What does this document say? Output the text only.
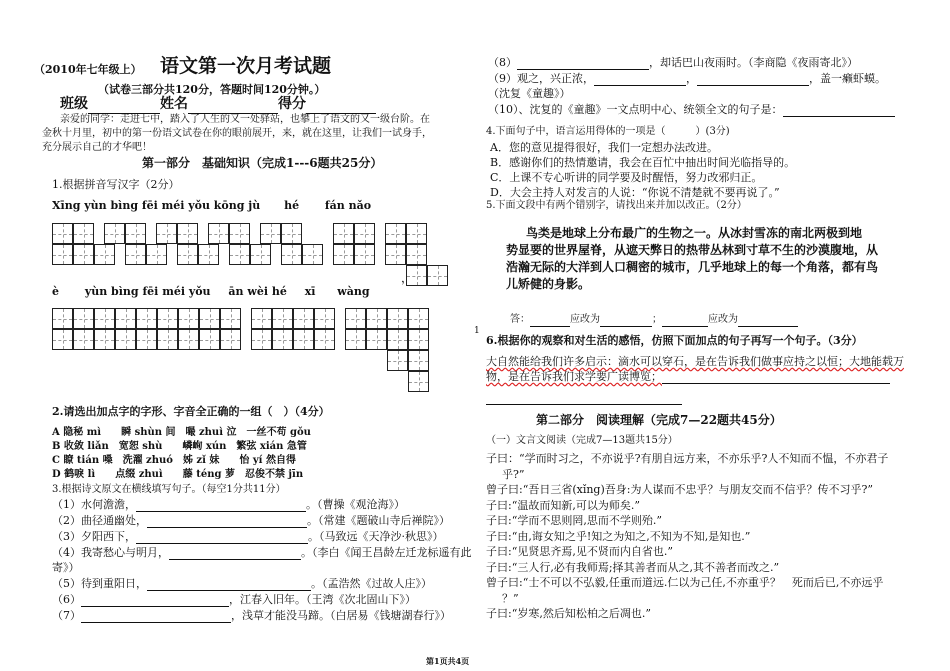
（2010年七年级上） 语文第一次月考试题
（试卷三部分共120分，答题时间120分钟。）
班级	姓名	得分
亲爱的同学：走进七中，踏入了人生的又一处驿站，也攀上了语文的又一级台阶。在
金秋十月里，初中的第一份语文试卷在你的眼前展开，来，就在这里，让我们一试身手，
充分展示自己的才华吧！
第一部分　基础知识（完成1---6题共25分）
1.根据拼音写汉字（2分）
Xīng yùn bìng fēi méi yǒu kōng jù hé fán nǎo
，
è yùn bìng fēi méi yǒu ān wèi hé xī wàng
2.请选出加点字的字形、字音全正确的一组（　）（4分）
A 隐秘 mì　　瞬 shùn 间　嘬 zhuì 泣　一丝不苟 gǒu
B 收敛 liǎn　宽恕 shù　　嶙峋 xún　繁弦 xián 急管
C 瞭 tián 嗓　洗濯 zhuó　姊 zǐ 妹　　怡 yí 然自得
D 鹤唳 lì　　点缀 zhuì　　藤 téng 萝　忍俊不禁 jīn
3.根据诗文原文在横线填写句子。（每空1分共11分）
（1）水何澹澹，	。（曹操《观沧海》）
（2）曲径通幽处，	。（常建《题破山寺后禅院》）
（3）夕阳西下，	。（马致远《天净沙·秋思》）
（4）我寄愁心与明月，	。（李白《闻王昌龄左迁龙标遥有此
寄》）
（5）待到重阳日，	。（孟浩然《过故人庄》）
（6）	，江春入旧年。（王湾《次北固山下》）
（7）	，浅草才能没马蹄。（白居易《钱塘湖春行》）
（8）	，却话巴山夜雨时。（李商隐《夜雨寄北》）
（9）观之，兴正浓，	，	，盖一癞虾蟆。
（沈复《童趣》）
（10）、沈复的《童趣》一文点明中心、统领全文的句子是：
4.下面句子中，语言运用得体的一项是（　　　）(3分)
A．您的意见提得很好，我们一定想办法改进。
B．感谢你们的热情邀请，我会在百忙中抽出时间光临指导的。
C．上课不专心听讲的同学要及时醒悟，努力改邪归正。
D．大会主持人对发言的人说：“你说不清楚就不要再说了。”
5.下面文段中有两个错别字，请找出来并加以改正。（2分）
鸟类是地球上分布最广的生物之一。从冰封雪冻的南北两极到地
势显要的世界屋脊，从遮天弊日的热带丛林到寸草不生的沙漠腹地，从
浩瀚无际的大洋到人口稠密的城市，几乎地球上的每一个角落，都有鸟
儿矫健的身影。
答：	应改为	；	应改为
1
6.根据你的观察和对生活的感悟，仿照下面加点的句子再写一个句子。（3分）
大自然能给我们许多启示：滴水可以穿石，是在告诉我们做事应持之以恒；大地能载万
物，是在告诉我们求学要广读博览；
第二部分　阅读理解（完成7—22题共45分）
（一）文言文阅读（完成7—13题共15分）
子曰：“学而时习之，不亦说乎?有朋自远方来，不亦乐乎?人不知而不愠，不亦君子
乎?”
曾子曰:“吾日三省(xǐng)吾身:为人谋而不忠乎？与朋友交而不信乎？传不习乎?”
子曰:“温故而知新,可以为师矣.”
子曰:“学而不思则罔,思而不学则殆.”
子曰:“由,诲女知之乎!知之为知之,不知为不知,是知也.”
子曰:“见贤思齐焉,见不贤而内自省也.”
子曰:“三人行,必有我师焉;择其善者而从之,其不善者而改之.”
曾子曰:“士不可以不弘毅,任重而道远.仁以为己任,不亦重乎？　死而后已,不亦远乎
？”
子曰:“岁寒,然后知松柏之后凋也.”
第1页共4页
